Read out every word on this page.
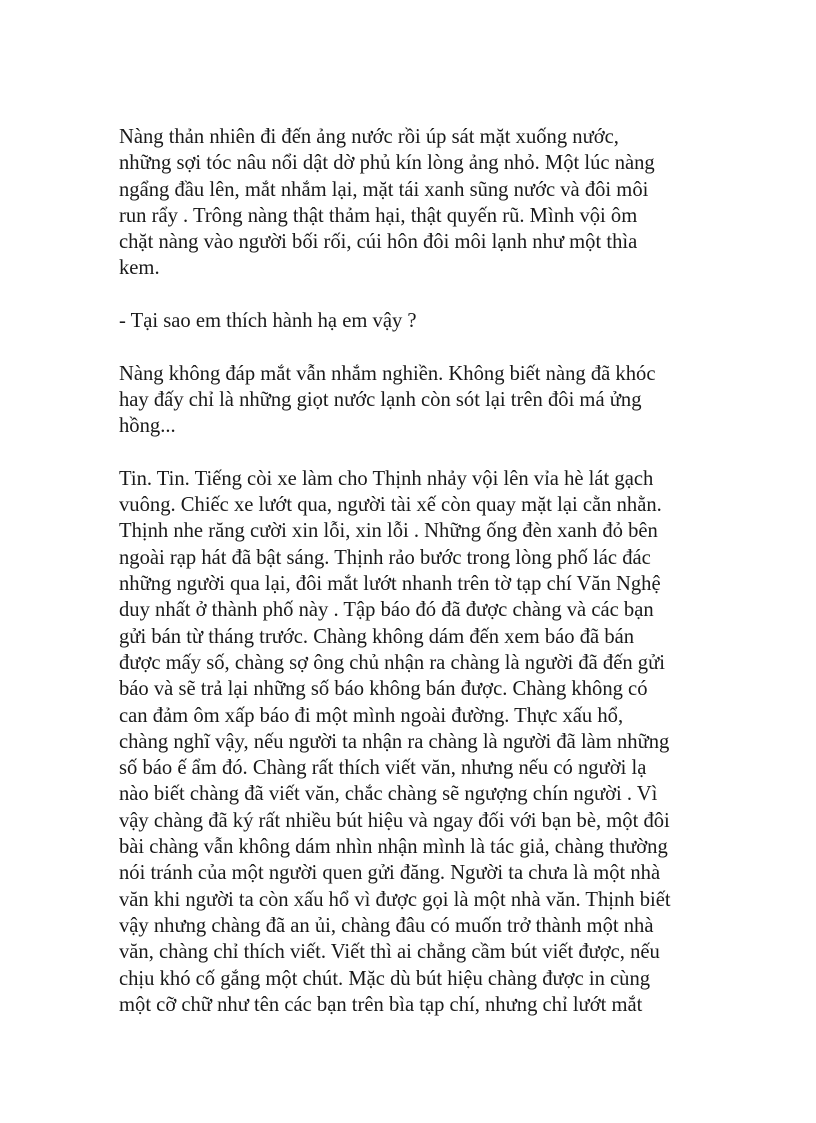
Nàng thản nhiên đi đến ảng nước rồi úp sát mặt xuống nước,
những sợi tóc nâu nổi dật dờ phủ kín lòng ảng nhỏ. Một lúc nàng
ngẩng đầu lên, mắt nhắm lại, mặt tái xanh sũng nước và đôi môi
run rẩy . Trông nàng thật thảm hại, thật quyến rũ. Mình vội ôm
chặt nàng vào người bối rối, cúi hôn đôi môi lạnh như một thìa
kem.
- Tại sao em thích hành hạ em vậy ?
Nàng không đáp mắt vẫn nhắm nghiền. Không biết nàng đã khóc
hay đấy chỉ là những giọt nước lạnh còn sót lại trên đôi má ửng
hồng...
Tin. Tin. Tiếng còi xe làm cho Thịnh nhảy vội lên vỉa hè lát gạch
vuông. Chiếc xe lướt qua, người tài xế còn quay mặt lại cằn nhằn.
Thịnh nhe răng cười xin lỗi, xin lỗi . Những ống đèn xanh đỏ bên
ngoài rạp hát đã bật sáng. Thịnh rảo bước trong lòng phố lác đác
những người qua lại, đôi mắt lướt nhanh trên tờ tạp chí Văn Nghệ
duy nhất ở thành phố này . Tập báo đó đã được chàng và các bạn
gửi bán từ tháng trước. Chàng không dám đến xem báo đã bán
được mấy số, chàng sợ ông chủ nhận ra chàng là người đã đến gửi
báo và sẽ trả lại những số báo không bán được. Chàng không có
can đảm ôm xấp báo đi một mình ngoài đường. Thực xấu hổ,
chàng nghĩ vậy, nếu người ta nhận ra chàng là người đã làm những
số báo ế ẩm đó. Chàng rất thích viết văn, nhưng nếu có người lạ
nào biết chàng đã viết văn, chắc chàng sẽ ngượng chín người . Vì
vậy chàng đã ký rất nhiều bút hiệu và ngay đối với bạn bè, một đôi
bài chàng vẫn không dám nhìn nhận mình là tác giả, chàng thường
nói tránh của một người quen gửi đăng. Người ta chưa là một nhà
văn khi người ta còn xấu hổ vì được gọi là một nhà văn. Thịnh biết
vậy nhưng chàng đã an ủi, chàng đâu có muốn trở thành một nhà
văn, chàng chỉ thích viết. Viết thì ai chẳng cầm bút viết được, nếu
chịu khó cố gắng một chút. Mặc dù bút hiệu chàng được in cùng
một cỡ chữ như tên các bạn trên bìa tạp chí, nhưng chỉ lướt mắt
